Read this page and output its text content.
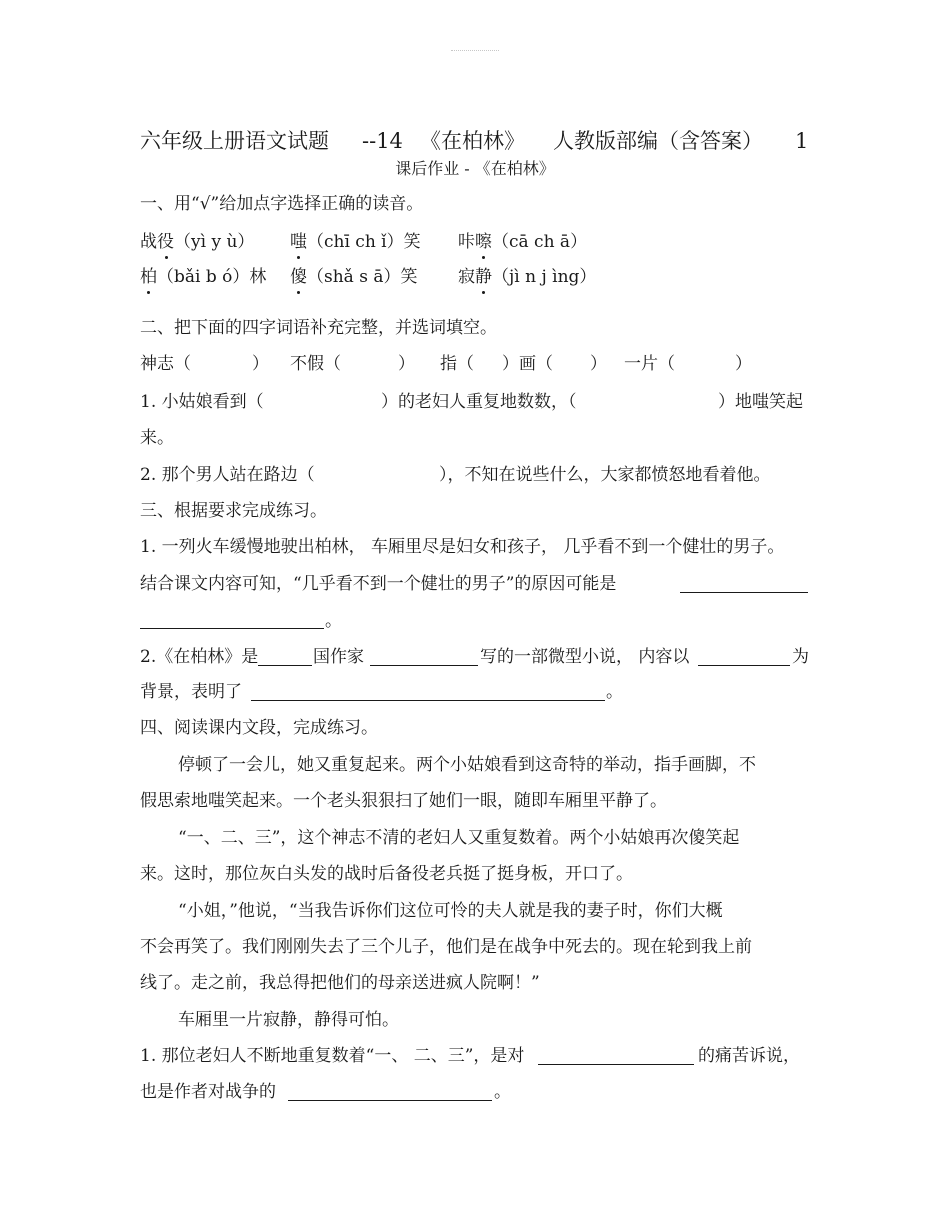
六年级上册语文试题 --14 《在柏林》 人教版部编（含答案） 1
课后作业 - 《在柏林》
一、用“√”给加点字选择正确的读音。
战役（yì y ù） 嗤（chī ch ǐ）笑 咔嚓（cā ch ā）
柏（bǎi b ó）林 傻（shǎ s ā）笑 寂静（jì n j ìng）
二、把下面的四字词语补充完整，并选词填空。
神志（	） 不假（	） 指（ ）画（ ） 一片（	）
1. 小姑娘看到（	）的老妇人重复地数数，（	）地嗤笑起
来。
2. 那个男人站在路边（	），不知在说些什么，大家都愤怒地看着他。
三、根据要求完成练习。
1. 一列火车缓慢地驶出柏林， 车厢里尽是妇女和孩子， 几乎看不到一个健壮的男子。
结合课文内容可知，“几乎看不到一个健壮的男子”的原因可能是
。
2.《在柏林》是	国作家	写的一部微型小说， 内容以	为
背景，表明了	。
四、阅读课内文段，完成练习。
停顿了一会儿，她又重复起来。两个小姑娘看到这奇特的举动，指手画脚，不
假思索地嗤笑起来。一个老头狠狠扫了她们一眼，随即车厢里平静了。
“一、二、三”，这个神志不清的老妇人又重复数着。两个小姑娘再次傻笑起
来。这时，那位灰白头发的战时后备役老兵挺了挺身板，开口了。
“小姐，”他说，“当我告诉你们这位可怜的夫人就是我的妻子时，你们大概
不会再笑了。我们刚刚失去了三个儿子，他们是在战争中死去的。现在轮到我上前
线了。走之前，我总得把他们的母亲送进疯人院啊！”
车厢里一片寂静，静得可怕。
1. 那位老妇人不断地重复数着“一、 二、三”，是对	的痛苦诉说，
也是作者对战争的	。
